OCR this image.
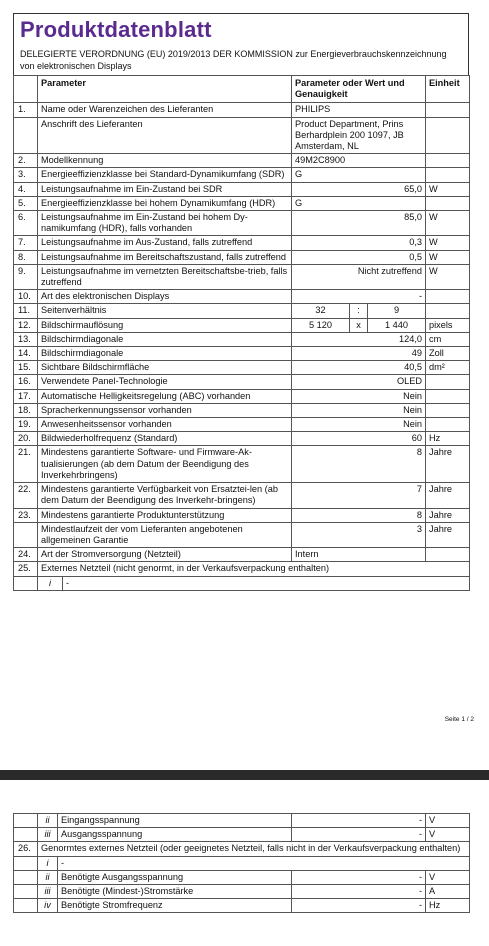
Produktdatenblatt
DELEGIERTE VERORDNUNG (EU) 2019/2013 DER KOMMISSION zur Energieverbrauchskennzeichnung von elektronischen Displays
	Parameter	Parameter oder Wert und Genauigkeit	Einheit
1.	Name oder Warenzeichen des Lieferanten	PHILIPS	
	Anschrift des Lieferanten	Product Department, Prins Berhardplein 200 1097, JB Amsterdam, NL	
2.	Modellkennung	49M2C8900	
3.	Energieeffizienzklasse bei Standard-Dynamikumfang (SDR)	G	
4.	Leistungsaufnahme im Ein-Zustand bei SDR	65,0	W
5.	Energieeffizienzklasse bei hohem Dynamikumfang (HDR)	G	
6.	Leistungsaufnahme im Ein-Zustand bei hohem Dy-namikumfang (HDR), falls vorhanden	85,0	W
7.	Leistungsaufnahme im Aus-Zustand, falls zutreffend	0,3	W
8.	Leistungsaufnahme im Bereitschaftszustand, falls zutreffend	0,5	W
9.	Leistungsaufnahme im vernetzten Bereitschaftsbe-trieb, falls zutreffend	Nicht zutreffend	W
10.	Art des elektronischen Displays	-	
11.	Seitenverhältnis	32	:	9	
12.	Bildschirmauflösung	5 120	x	1 440	pixels
13.	Bildschirmdiagonale	124,0	cm
14.	Bildschirmdiagonale	49	Zoll
15.	Sichtbare Bildschirmfläche	40,5	dm²
16.	Verwendete Panel-Technologie	OLED	
17.	Automatische Helligkeitsregelung (ABC) vorhanden	Nein	
18.	Spracherkennungssensor vorhanden	Nein	
19.	Anwesenheitssensor vorhanden	Nein	
20.	Bildwiederholfrequenz (Standard)	60	Hz
21.	Mindestens garantierte Software- und Firmware-Ak-tualisierungen (ab dem Datum der Beendigung des Inverkehrbringens)	8	Jahre
22.	Mindestens garantierte Verfügbarkeit von Ersatztei-len (ab dem Datum der Beendigung des Inverkehr-bringens)	7	Jahre
23.	Mindestens garantierte Produktunterstützung	8	Jahre
	Mindestlaufzeit der vom Lieferanten angebotenen allgemeinen Garantie	3	Jahre
24.	Art der Stromversorgung (Netzteil)	Intern	
25.	Externes Netzteil (nicht genormt, in der Verkaufsverpackung enthalten)

i	-
Seite 1 / 2
	ii	Eingangsspannung	-	V
	iii	Ausgangsspannung	-	V
26.	Genormtes externes Netzteil (oder geeignetes Netzteil, falls nicht in der Verkaufsverpackung enthalten)			
	i	-		
	ii	Benötigte Ausgangsspannung	-	V
	iii	Benötigte (Mindest-)Stromstärke	-	A
	iv	Benötigte Stromfrequenz	-	Hz
